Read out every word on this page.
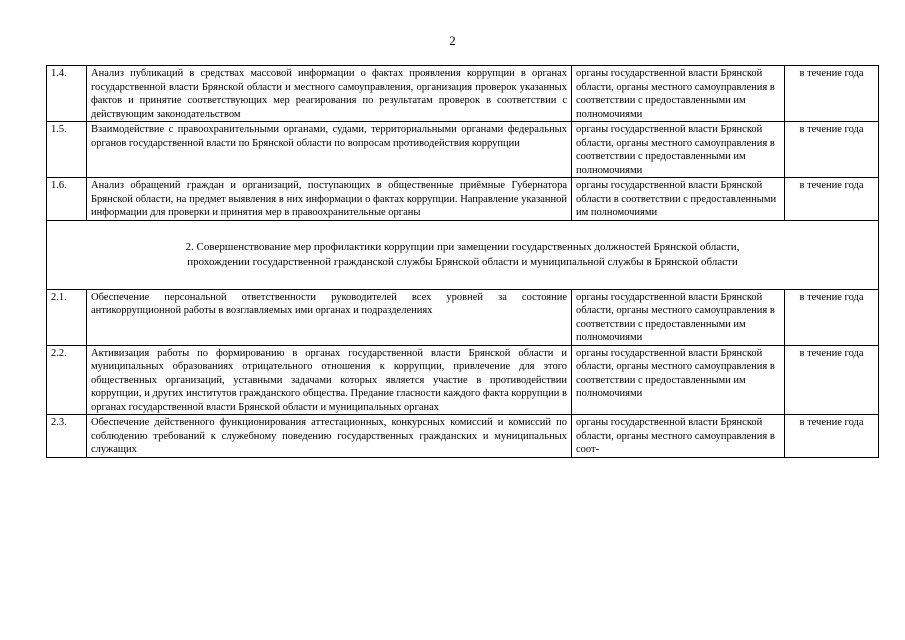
2
1.4.	Анализ публикаций в средствах массовой информации о фактах проявления коррупции в органах государственной власти Брянской области и местного самоуправления, организация проверок указанных фактов и принятие соответствующих мер реагирования по результатам проверок в соответствии с действующим законодательством	органы государственной власти Брянской области, органы местного самоуправления в соответствии с предоставленными им полномочиями	в течение года
1.5.	Взаимодействие с правоохранительными органами, судами, территориальными органами федеральных органов государственной власти по Брянской области по вопросам противодействия коррупции	органы государственной власти Брянской области, органы местного самоуправления в соответствии с предоставленными им полномочиями	в течение года
1.6.	Анализ обращений граждан и организаций, поступающих в общественные приёмные Губернатора Брянской области, на предмет выявления в них информации о фактах коррупции. Направление указанной информации для проверки и принятия мер в правоохранительные органы	органы государственной власти Брянской области в соответствии с предоставленными им полномочиями	в течение года
2. Совершенствование мер профилактики коррупции при замещении государственных должностей Брянской области,
прохождении государственной гражданской службы Брянской области и муниципальной службы в Брянской области			
2.1.	Обеспечение персональной ответственности руководителей всех уровней за состояние антикоррупционной работы в возглавляемых ими органах и подразделениях	органы государственной власти Брянской области, органы местного самоуправления в соответствии с предоставленными им полномочиями	в течение года
2.2.	Активизация работы по формированию в органах государственной власти Брянской области и муниципальных образованиях отрицательного отношения к коррупции, привлечение для этого общественных организаций, уставными задачами которых является участие в противодействии коррупции, и других институтов гражданского общества. Предание гласности каждого факта коррупции в органах государственной власти Брянской области и муниципальных органах	органы государственной власти Брянской области, органы местного самоуправления в соответствии с предоставленными им полномочиями	в течение года
2.3.	Обеспечение действенного функционирования аттестационных, конкурсных комиссий и комиссий по соблюдению требований к служебному поведению государственных гражданских и муниципальных служащих	органы государственной власти Брянской области, органы местного самоуправления в соот-	в течение года
